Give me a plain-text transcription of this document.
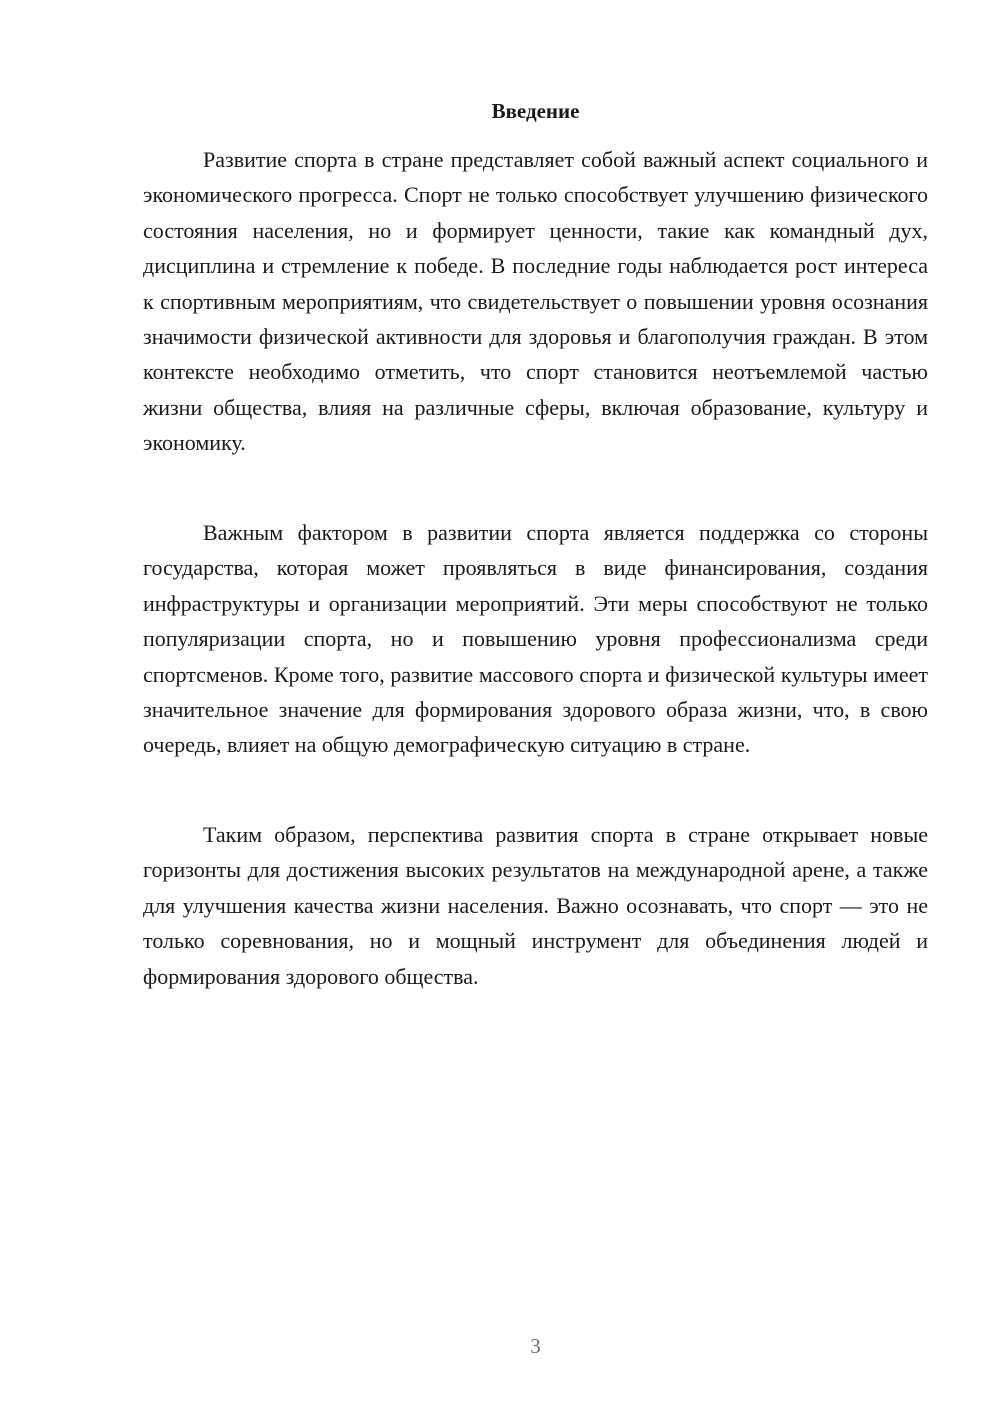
Введение

Развитие спорта в стране представляет собой важный аспект социального и экономического прогресса. Спорт не только способствует улучшению физического состояния населения, но и формирует ценности, такие как командный дух, дисциплина и стремление к победе. В последние годы наблюдается рост интереса к спортивным мероприятиям, что свидетельствует о повышении уровня осознания значимости физической активности для здоровья и благополучия граждан. В этом контексте необходимо отметить, что спорт становится неотъемлемой частью жизни общества, влияя на различные сферы, включая образование, культуру и экономику.

Важным фактором в развитии спорта является поддержка со стороны государства, которая может проявляться в виде финансирования, создания инфраструктуры и организации мероприятий. Эти меры способствуют не только популяризации спорта, но и повышению уровня профессионализма среди спортсменов. Кроме того, развитие массового спорта и физической культуры имеет значительное значение для формирования здорового образа жизни, что, в свою очередь, влияет на общую демографическую ситуацию в стране.

Таким образом, перспектива развития спорта в стране открывает новые горизонты для достижения высоких результатов на международной арене, а также для улучшения качества жизни населения. Важно осознавать, что спорт — это не только соревнования, но и мощный инструмент для объединения людей и формирования здорового общества.

3
